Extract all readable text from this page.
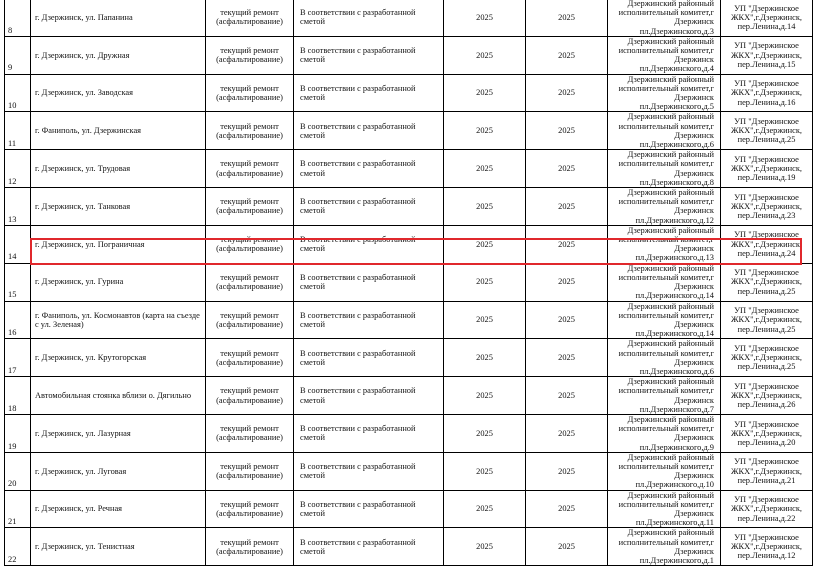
8	г. Дзержинск, ул. Папанина	текущий ремонт (асфальтирование)	В соответствии с разработанной сметой	2025	2025	Дзержинский районный исполнительный комитет,г Дзержинск пл.Дзержинского,д.3	УП "Дзержинское ЖКХ",г.Дзержинск, пер.Ленина,д.14
9	г. Дзержинск, ул. Дружная	текущий ремонт (асфальтирование)	В соответствии с разработанной сметой	2025	2025	Дзержинский районный исполнительный комитет,г Дзержинск пл.Дзержинского,д.4	УП "Дзержинское ЖКХ",г.Дзержинск, пер.Ленина,д.15
10	г. Дзержинск, ул. Заводская	текущий ремонт (асфальтирование)	В соответствии с разработанной сметой	2025	2025	Дзержинский районный исполнительный комитет,г Дзержинск пл.Дзержинского,д.5	УП "Дзержинское ЖКХ",г.Дзержинск, пер.Ленина,д.16
11	г. Фаниполь, ул. Дзержинская	текущий ремонт (асфальтирование)	В соответствии с разработанной сметой	2025	2025	Дзержинский районный исполнительный комитет,г Дзержинск пл.Дзержинского,д.6	УП "Дзержинское ЖКХ",г.Дзержинск, пер.Ленина,д.25
12	г. Дзержинск, ул. Трудовая	текущий ремонт (асфальтирование)	В соответствии с разработанной сметой	2025	2025	Дзержинский районный исполнительный комитет,г Дзержинск пл.Дзержинского,д.8	УП "Дзержинское ЖКХ",г.Дзержинск, пер.Ленина,д.19
13	г. Дзержинск, ул. Танковая	текущий ремонт (асфальтирование)	В соответствии с разработанной сметой	2025	2025	Дзержинский районный исполнительный комитет,г Дзержинск пл.Дзержинского,д.12	УП "Дзержинское ЖКХ",г.Дзержинск, пер.Ленина,д.23
14	г. Дзержинск, ул. Пограничная	текущий ремонт (асфальтирование)	В соответствии с разработанной сметой	2025	2025	Дзержинский районный исполнительный комитет,г Дзержинск пл.Дзержинского,д.13	УП "Дзержинское ЖКХ",г.Дзержинск, пер.Ленина,д.24
15	г. Дзержинск, ул. Гурина	текущий ремонт (асфальтирование)	В соответствии с разработанной сметой	2025	2025	Дзержинский районный исполнительный комитет,г Дзержинск пл.Дзержинского,д.14	УП "Дзержинское ЖКХ",г.Дзержинск, пер.Ленина,д.25
16	г. Фаниполь, ул. Космонавтов (карта на съезде с ул. Зеленая)	текущий ремонт (асфальтирование)	В соответствии с разработанной сметой	2025	2025	Дзержинский районный исполнительный комитет,г Дзержинск пл.Дзержинского,д.14	УП "Дзержинское ЖКХ",г.Дзержинск, пер.Ленина,д.25
17	г. Дзержинск, ул. Крутогорская	текущий ремонт (асфальтирование)	В соответствии с разработанной сметой	2025	2025	Дзержинский районный исполнительный комитет,г Дзержинск пл.Дзержинского,д.6	УП "Дзержинское ЖКХ",г.Дзержинск, пер.Ленина,д.25
18	Автомобильная стоянка вблизи о. Дягильно	текущий ремонт (асфальтирование)	В соответствии с разработанной сметой	2025	2025	Дзержинский районный исполнительный комитет,г Дзержинск пл.Дзержинского,д.7	УП "Дзержинское ЖКХ",г.Дзержинск, пер.Ленина,д.26
19	г. Дзержинск, ул. Лазурная	текущий ремонт (асфальтирование)	В соответствии с разработанной сметой	2025	2025	Дзержинский районный исполнительный комитет,г Дзержинск пл.Дзержинского,д.9	УП "Дзержинское ЖКХ",г.Дзержинск, пер.Ленина,д.20
20	г. Дзержинск, ул. Луговая	текущий ремонт (асфальтирование)	В соответствии с разработанной сметой	2025	2025	Дзержинский районный исполнительный комитет,г Дзержинск пл.Дзержинского,д.10	УП "Дзержинское ЖКХ",г.Дзержинск, пер.Ленина,д.21
21	г. Дзержинск, ул. Речная	текущий ремонт (асфальтирование)	В соответствии с разработанной сметой	2025	2025	Дзержинский районный исполнительный комитет,г Дзержинск пл.Дзержинского,д.11	УП "Дзержинское ЖКХ",г.Дзержинск, пер.Ленина,д.22
22	г. Дзержинск, ул. Тенистная	текущий ремонт (асфальтирование)	В соответствии с разработанной сметой	2025	2025	Дзержинский районный исполнительный комитет,г Дзержинск пл.Дзержинского,д.1	УП "Дзержинское ЖКХ",г.Дзержинск, пер.Ленина,д.12
